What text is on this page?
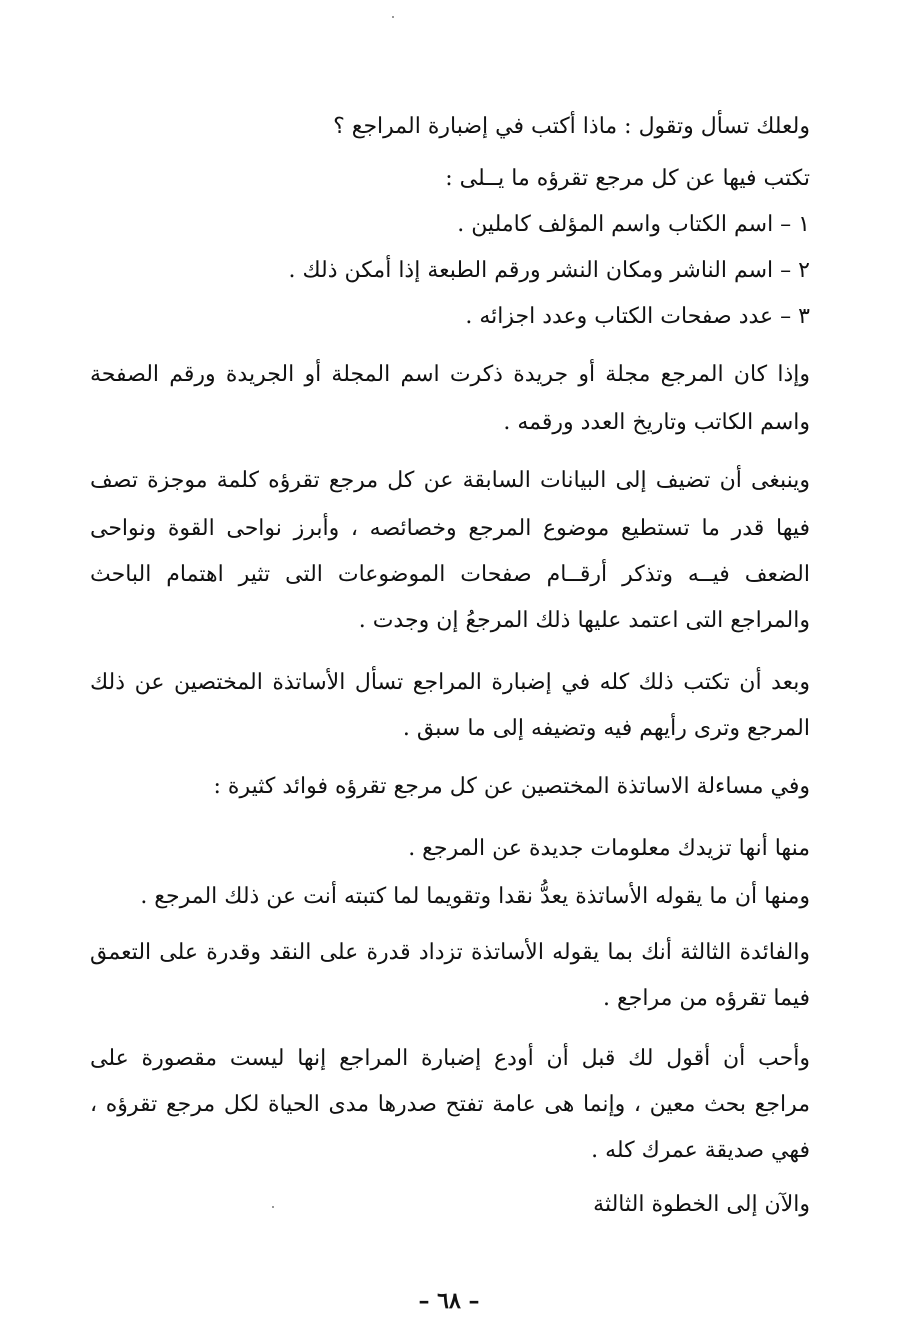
ولعلك تسأل وتقول : ماذا أكتب في إضبارة المراجع ؟
تكتب فيها عن كل مرجع تقرؤه ما يــلى :
١ – اسم الكتاب واسم المؤلف كاملين .
٢ – اسم الناشر ومكان النشر ورقم الطبعة إذا أمكن ذلك .
٣ – عدد صفحات الكتاب وعدد اجزائه .
وإذا كان المرجع مجلة أو جريدة ذكرت اسم المجلة أو الجريدة ورقم الصفحة
واسم الكاتب وتاريخ العدد ورقمه .
وينبغى أن تضيف إلى البيانات السابقة عن كل مرجع تقرؤه كلمة موجزة تصف
فيها قدر ما تستطيع موضوع المرجع وخصائصه ، وأبرز نواحى القوة ونواحى
الضعف فيــه وتذكر أرقــام صفحات الموضوعات التى تثير اهتمام الباحث
والمراجع التى اعتمد عليها ذلك المرجعُ إن وجدت .
وبعد أن تكتب ذلك كله في إضبارة المراجع تسأل الأساتذة المختصين عن ذلك
المرجع وترى رأيهم فيه وتضيفه إلى ما سبق .
وفي مساءلة الاساتذة المختصين عن كل مرجع تقرؤه فوائد كثيرة :
منها أنها تزيدك معلومات جديدة عن المرجع .
ومنها أن ما يقوله الأساتذة يعدُّ نقدا وتقويما لما كتبته أنت عن ذلك المرجع .
والفائدة الثالثة أنك بما يقوله الأساتذة تزداد قدرة على النقد وقدرة على التعمق
فيما تقرؤه من مراجع .
وأحب أن أقول لك قبل أن أودع إضبارة المراجع إنها ليست مقصورة على
مراجع بحث معين ، وإنما هى عامة تفتح صدرها مدى الحياة لكل مرجع تقرؤه ،
فهي صديقة عمرك كله .
والآن إلى الخطوة الثالثة
– ٦٨ –
